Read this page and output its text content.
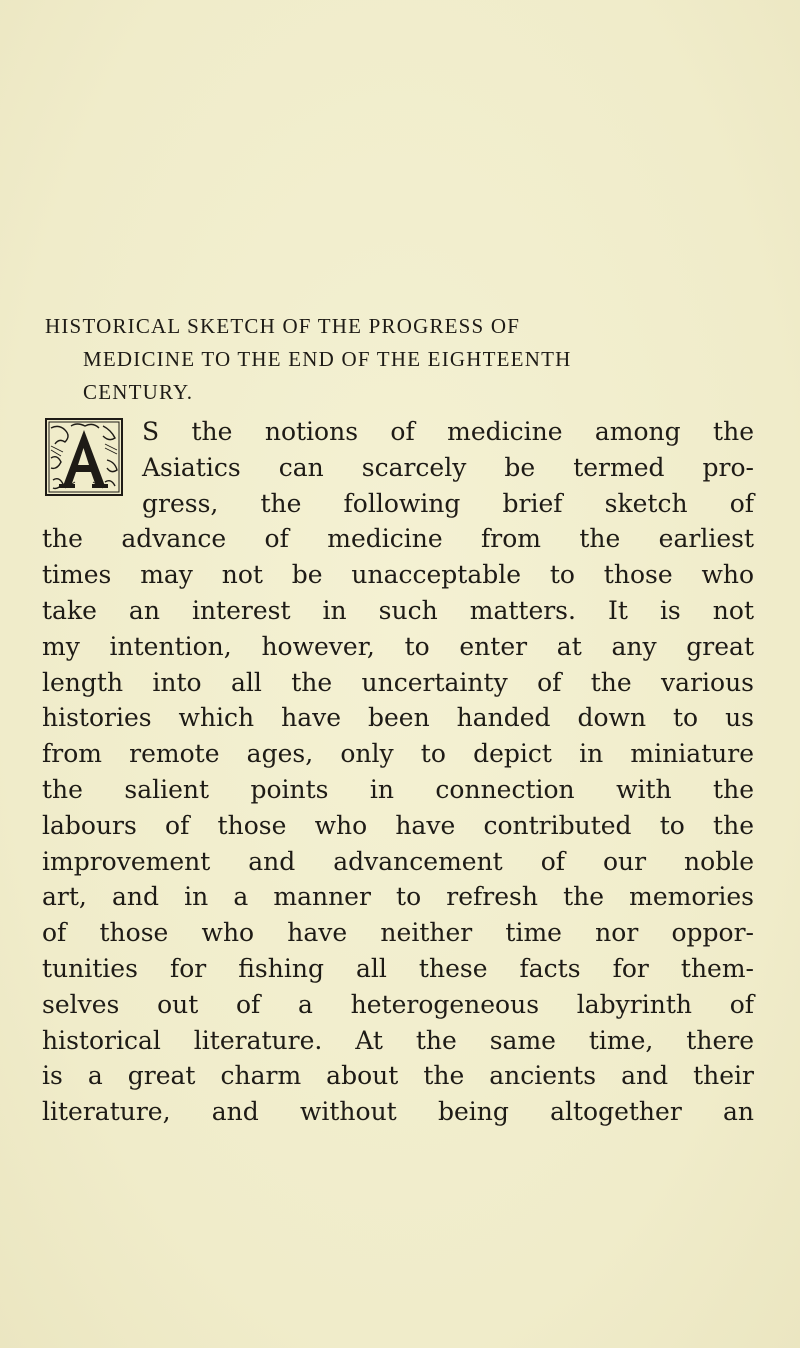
HISTORICAL SKETCH OF THE PROGRESS OF
MEDICINE TO THE END OF THE EIGHTEENTH
CENTURY.
S the notions of medicine among the
Asiatics can scarcely be termed pro-
gress, the following brief sketch of
the advance of medicine from the earliest
times may not be unacceptable to those who
take an interest in such matters. It is not
my intention, however, to enter at any great
length into all the uncertainty of the various
histories which have been handed down to us
from remote ages, only to depict in miniature
the salient points in connection with the
labours of those who have contributed to the
improvement and advancement of our noble
art, and in a manner to refresh the memories
of those who have neither time nor oppor-
tunities for fishing all these facts for them-
selves out of a heterogeneous labyrinth of
historical literature. At the same time, there
is a great charm about the ancients and their
literature, and without being altogether an
